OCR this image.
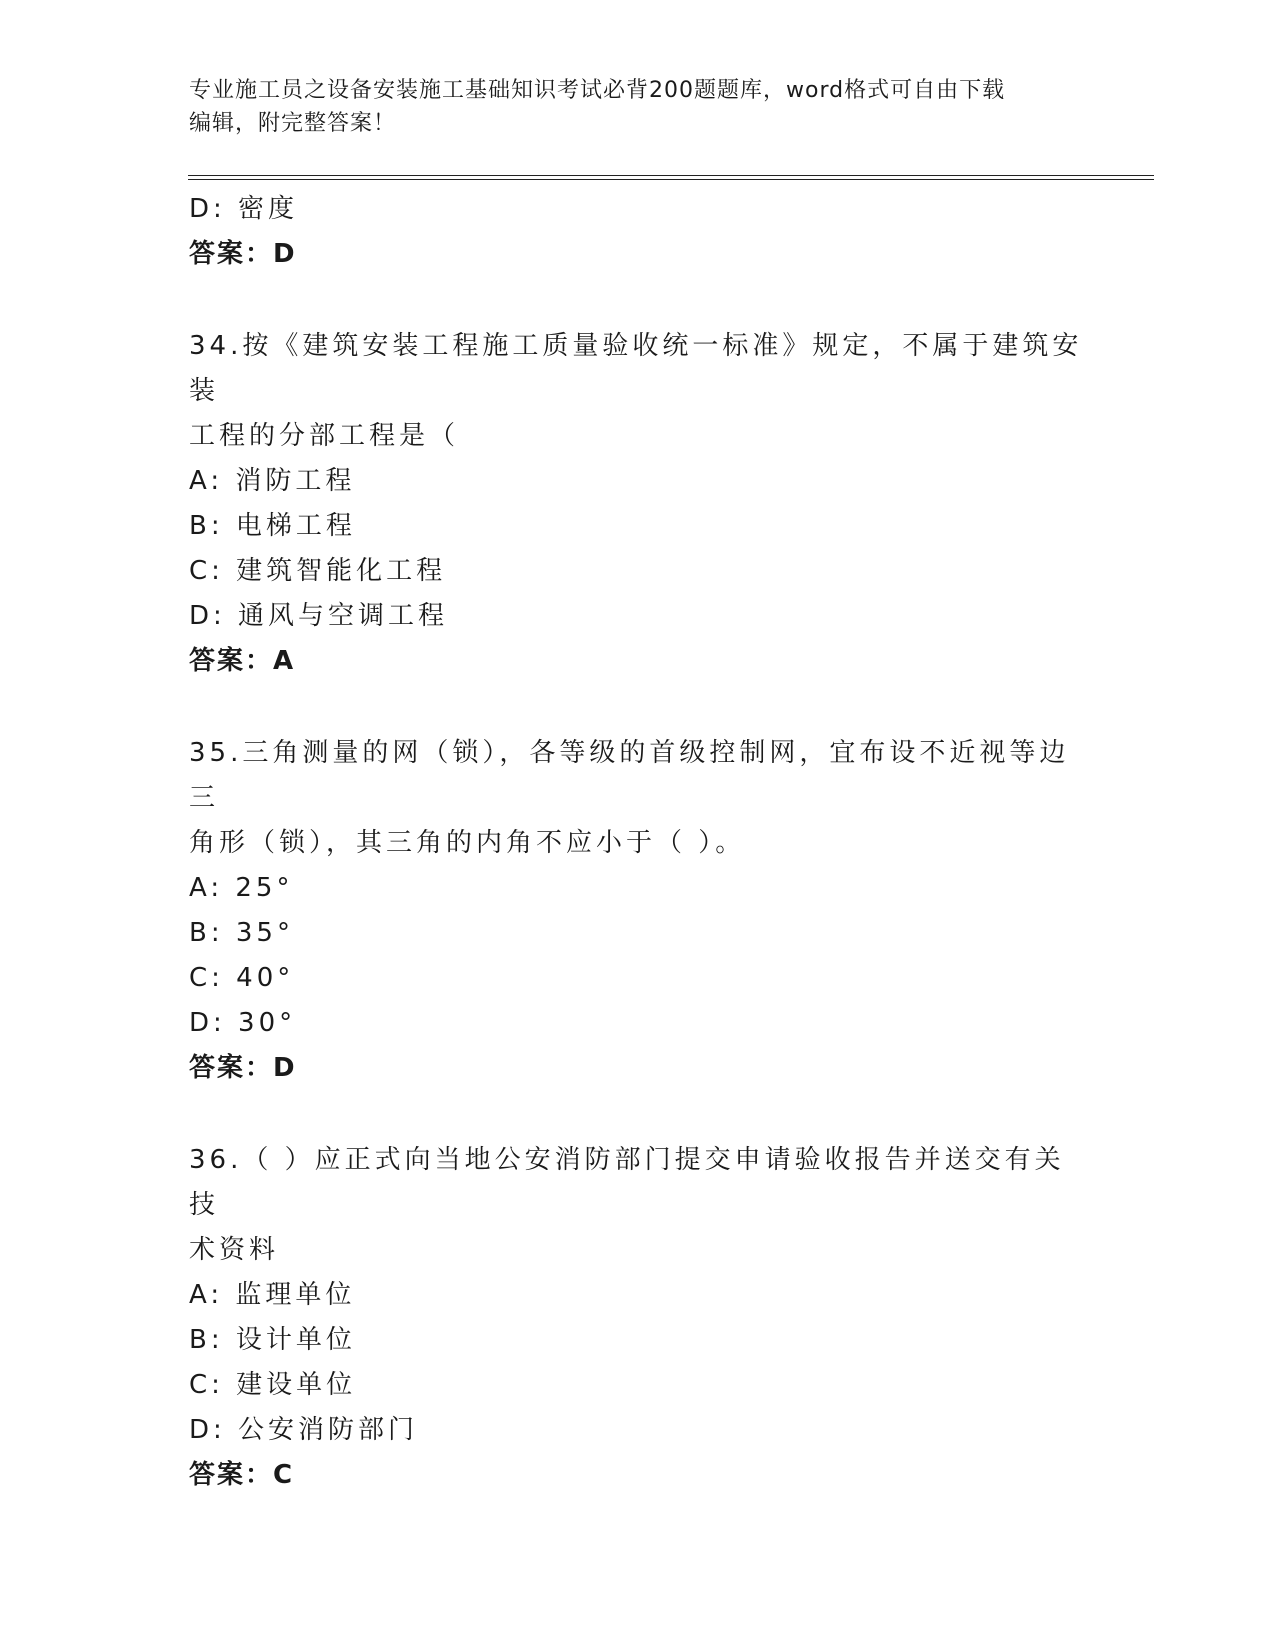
专业施工员之设备安装施工基础知识考试必背200题题库，word格式可自由下载
编辑，附完整答案！
D: 密度
答案：D
34.按《建筑安装工程施工质量验收统一标准》规定，不属于建筑安装
工程的分部工程是（
A: 消防工程
B: 电梯工程
C: 建筑智能化工程
D: 通风与空调工程
答案：A
35.三角测量的网（锁），各等级的首级控制网，宜布设不近视等边三
角形（锁），其三角的内角不应小于（ ）。
A: 25°
B: 35°
C: 40°
D: 30°
答案：D
36.（ ）应正式向当地公安消防部门提交申请验收报告并送交有关技
术资料
A: 监理单位
B: 设计单位
C: 建设单位
D: 公安消防部门
答案：C
